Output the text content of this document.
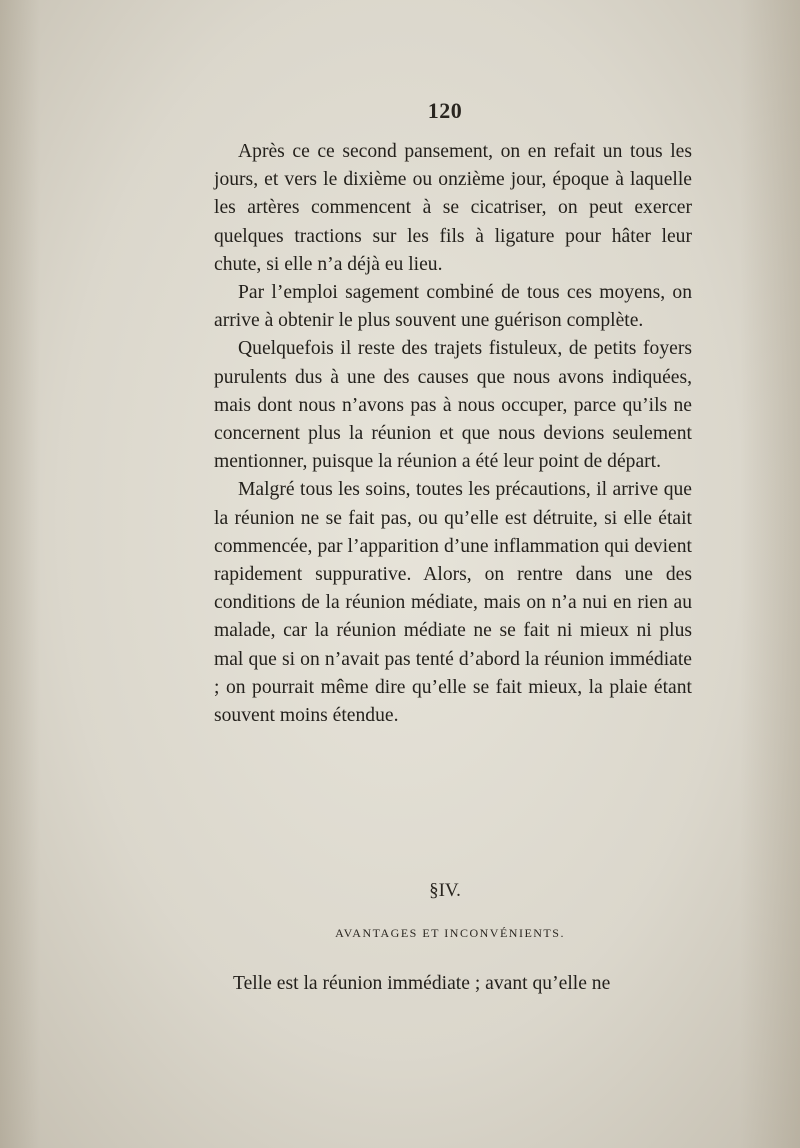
120

Après ce ce second pansement, on en refait un tous les jours, et vers le dixième ou onzième jour, époque à laquelle les artères commencent à se cicatriser, on peut exercer quelques tractions sur les fils à ligature pour hâter leur chute, si elle n’a déjà eu lieu.

Par l’emploi sagement combiné de tous ces moyens, on arrive à obtenir le plus souvent une guérison complète.

Quelquefois il reste des trajets fistuleux, de petits foyers purulents dus à une des causes que nous avons indiquées, mais dont nous n’avons pas à nous occuper, parce qu’ils ne concernent plus la réunion et que nous devions seulement mentionner, puisque la réunion a été leur point de départ.

Malgré tous les soins, toutes les précautions, il arrive que la réunion ne se fait pas, ou qu’elle est détruite, si elle était commencée, par l’apparition d’une inflammation qui devient rapidement suppurative. Alors, on rentre dans une des conditions de la réunion médiate, mais on n’a nui en rien au malade, car la réunion médiate ne se fait ni mieux ni plus mal que si on n’avait pas tenté d’abord la réunion immédiate ; on pourrait même dire qu’elle se fait mieux, la plaie étant souvent moins étendue.

§IV.
AVANTAGES ET INCONVÉNIENTS.
Telle est la réunion immédiate ; avant qu’elle ne
